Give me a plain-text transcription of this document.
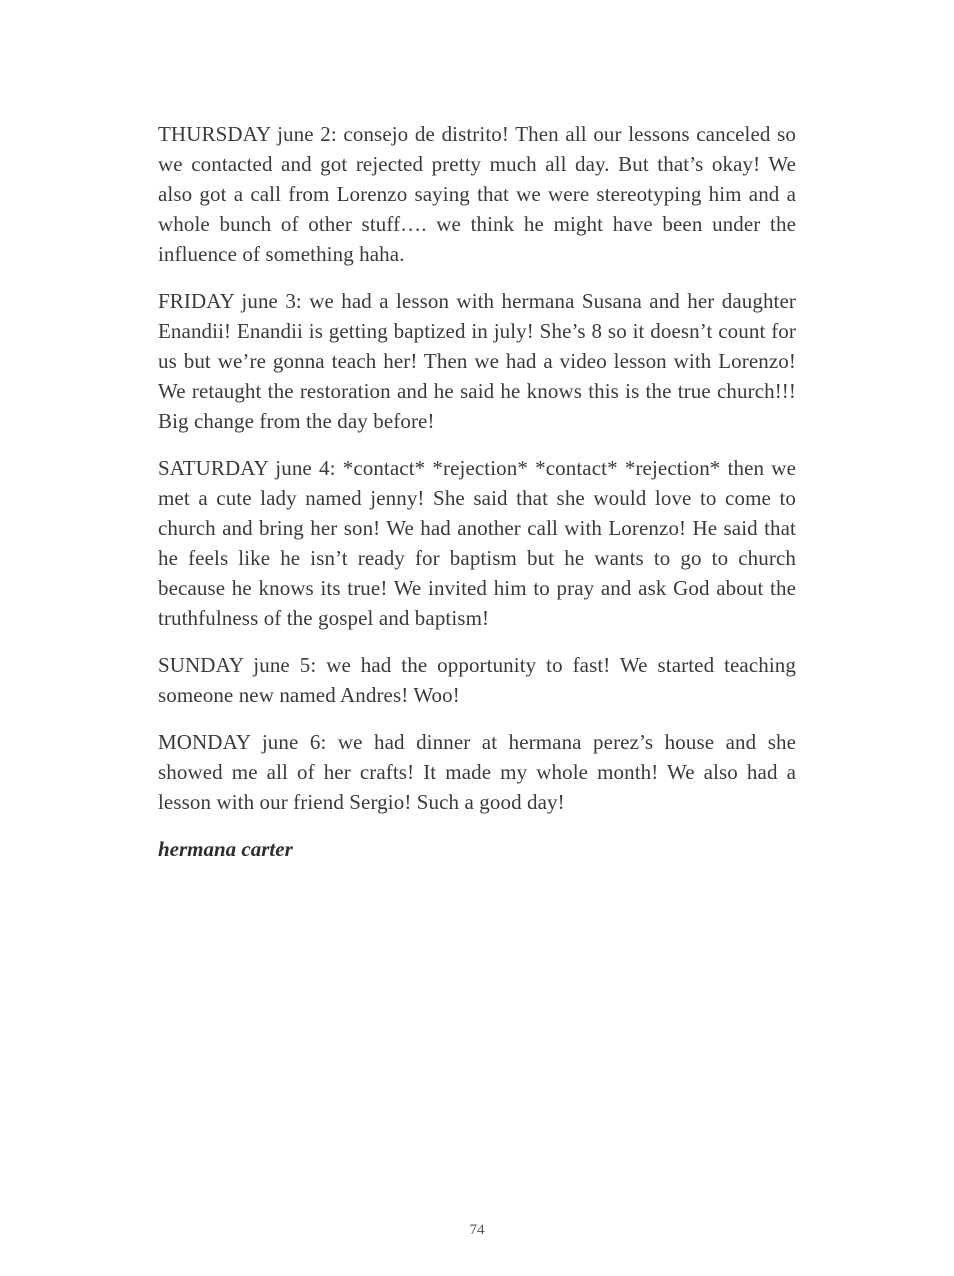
THURSDAY june 2: consejo de distrito! Then all our lessons canceled so we contacted and got rejected pretty much all day. But that’s okay! We also got a call from Lorenzo saying that we were stereotyping him and a whole bunch of other stuff…. we think he might have been under the influence of something haha.

FRIDAY june 3: we had a lesson with hermana Susana and her daughter Enandii! Enandii is getting baptized in july! She’s 8 so it doesn’t count for us but we’re gonna teach her! Then we had a video lesson with Lorenzo! We retaught the restoration and he said he knows this is the true church!!! Big change from the day before!

SATURDAY june 4: *contact* *rejection* *contact* *rejection* then we met a cute lady named jenny! She said that she would love to come to church and bring her son! We had another call with Lorenzo! He said that he feels like he isn’t ready for baptism but he wants to go to church because he knows its true! We invited him to pray and ask God about the truthfulness of the gospel and baptism!

SUNDAY june 5: we had the opportunity to fast! We started teaching someone new named Andres! Woo!

MONDAY june 6: we had dinner at hermana perez’s house and she showed me all of her crafts! It made my whole month! We also had a lesson with our friend Sergio! Such a good day!

hermana carter

74
